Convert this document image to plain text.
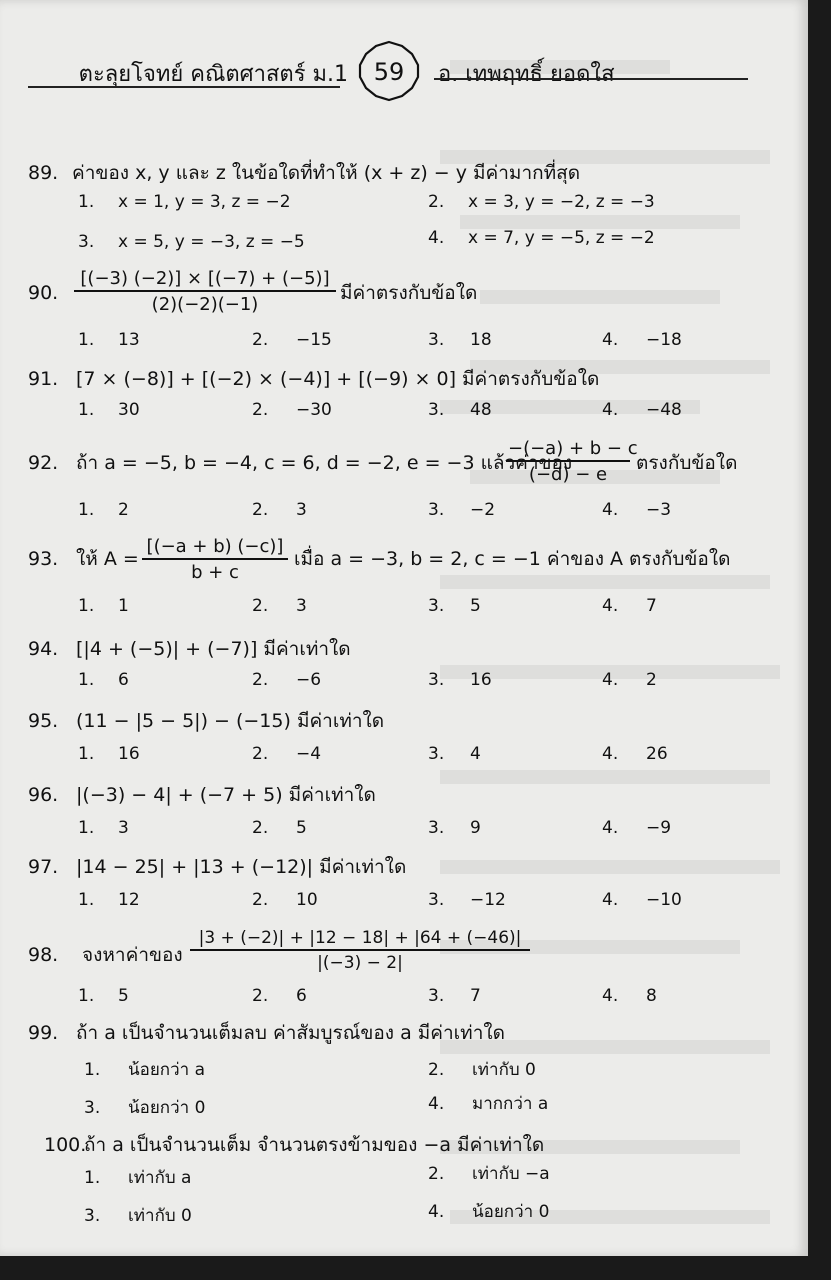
ตะลุยโจทย์ คณิตศาสตร์ ม.1	59	อ. เทพฤทธิ์ ยอดใส
89. ค่าของ x, y และ z ในข้อใดที่ทำให้ (x + z) − y มีค่ามากที่สุด
1. x = 1, y = 3, z = −2	2. x = 3, y = −2, z = −3
3. x = 5, y = −3, z = −5	4. x = 7, y = −5, z = −2
90. $\frac{[(-3) (-2)] \times [(-7) + (-5)]}{(2)(-2)(-1)}$ มีค่าตรงกับข้อใด
1. 13	2. −15	3. 18	4. −18
91. [7 × (−8)] + [(−2) × (−4)] + [(−9) × 0] มีค่าตรงกับข้อใด
1. 30	2. −30	3. 48	4. −48
92. ถ้า a = −5, b = −4, c = 6, d = −2, e = −3 แล้วค่าของ
$\frac{-(-a) + b - c}{(-d) - e}$ ตรงกับข้อใด
1. 2	2. 3	3. −2	4. −3
93. ให้ $A = \frac{[(-a + b) (-c)]}{b + c}$ เมื่อ a = −3, b = 2, c = −1 ค่าของ A ตรงกับข้อใด
1. 1	2. 3	3. 5	4. 7
94. [|4 + (−5)| + (−7)] มีค่าเท่าใด
1. 6	2. −6	3. 16	4. 2
95. (11 − |5 − 5|) − (−15) มีค่าเท่าใด
1. 16	2. −4	3. 4	4. 26
96. |(−3) − 4| + (−7 + 5) มีค่าเท่าใด
1. 3	2. 5	3. 9	4. −9
97. |14 − 25| + |13 + (−12)| มีค่าเท่าใด
1. 12	2. 10	3. −12	4. −10
98. จงหาค่าของ $\frac{|3 + (-2)| + |12 - 18| + |64 + (-46)|}{|(-3) - 2|}$
1. 5	2. 6	3. 7	4. 8
99. ถ้า a เป็นจำนวนเต็มลบ ค่าสัมบูรณ์ของ a มีค่าเท่าใด
1. น้อยกว่า a	2. เท่ากับ 0
3. น้อยกว่า 0	4. มากกว่า a
100.ถ้า a เป็นจำนวนเต็ม จำนวนตรงข้ามของ −a มีค่าเท่าใด
1. เท่ากับ a	2. เท่ากับ −a
3. เท่ากับ 0	4. น้อยกว่า 0
